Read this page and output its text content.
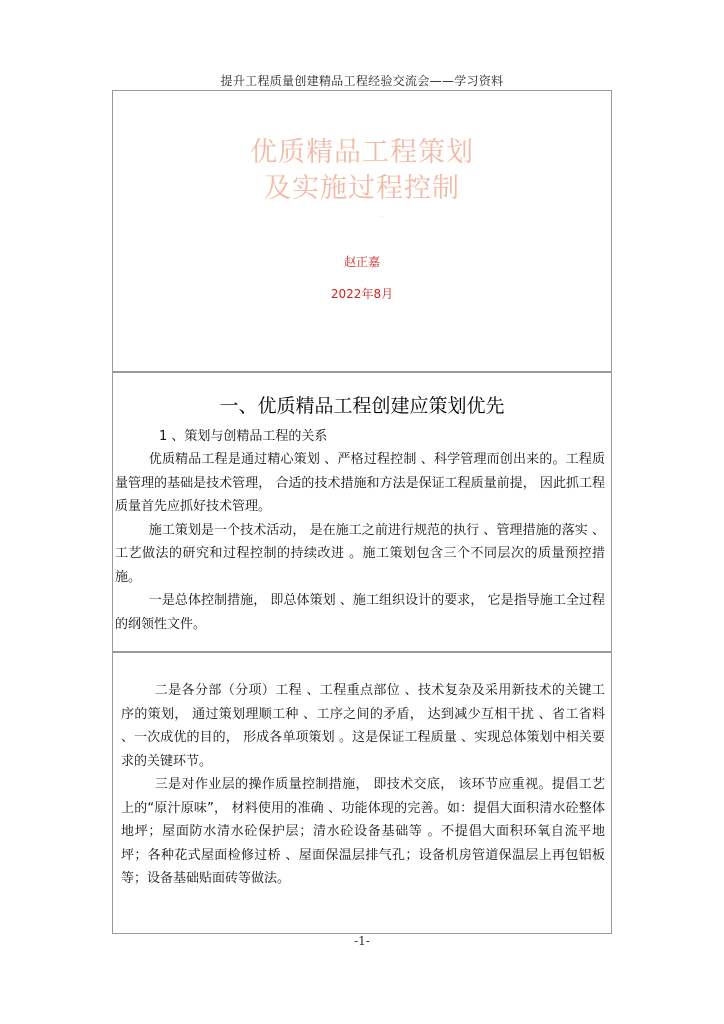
提升工程质量创建精品工程经验交流会——学习资料
优质精品工程策划
及实施过程控制
·
赵正嘉
2022年8月
一、优质精品工程创建应策划优先
1 、策划与创精品工程的关系

优质精品工程是通过精心策划 、严格过程控制 、科学管理而创出来的。工程质量管理的基础是技术管理， 合适的技术措施和方法是保证工程质量前提， 因此抓工程质量首先应抓好技术管理。

施工策划是一个技术活动， 是在施工之前进行规范的执行 、管理措施的落实 、工艺做法的研究和过程控制的持续改进 。施工策划包含三个不同层次的质量预控措施。

一是总体控制措施， 即总体策划 、施工组织设计的要求， 它是指导施工全过程的纲领性文件。

二是各分部（分项）工程 、工程重点部位 、技术复杂及采用新技术的关键工序的策划， 通过策划理顺工种 、工序之间的矛盾， 达到减少互相干扰 、省工省料 、一次成优的目的， 形成各单项策划 。这是保证工程质量 、实现总体策划中相关要求的关键环节。

三是对作业层的操作质量控制措施， 即技术交底， 该环节应重视。提倡工艺上的“原汁原味”， 材料使用的准确 、功能体现的完善。如：提倡大面积清水砼整体地坪；屋面防水清水砼保护层；清水砼设备基础等 。不提倡大面积环氧自流平地坪；各种花式屋面检修过桥 、屋面保温层排气孔；设备机房管道保温层上再包铝板等；设备基础贴面砖等做法。

-1-
